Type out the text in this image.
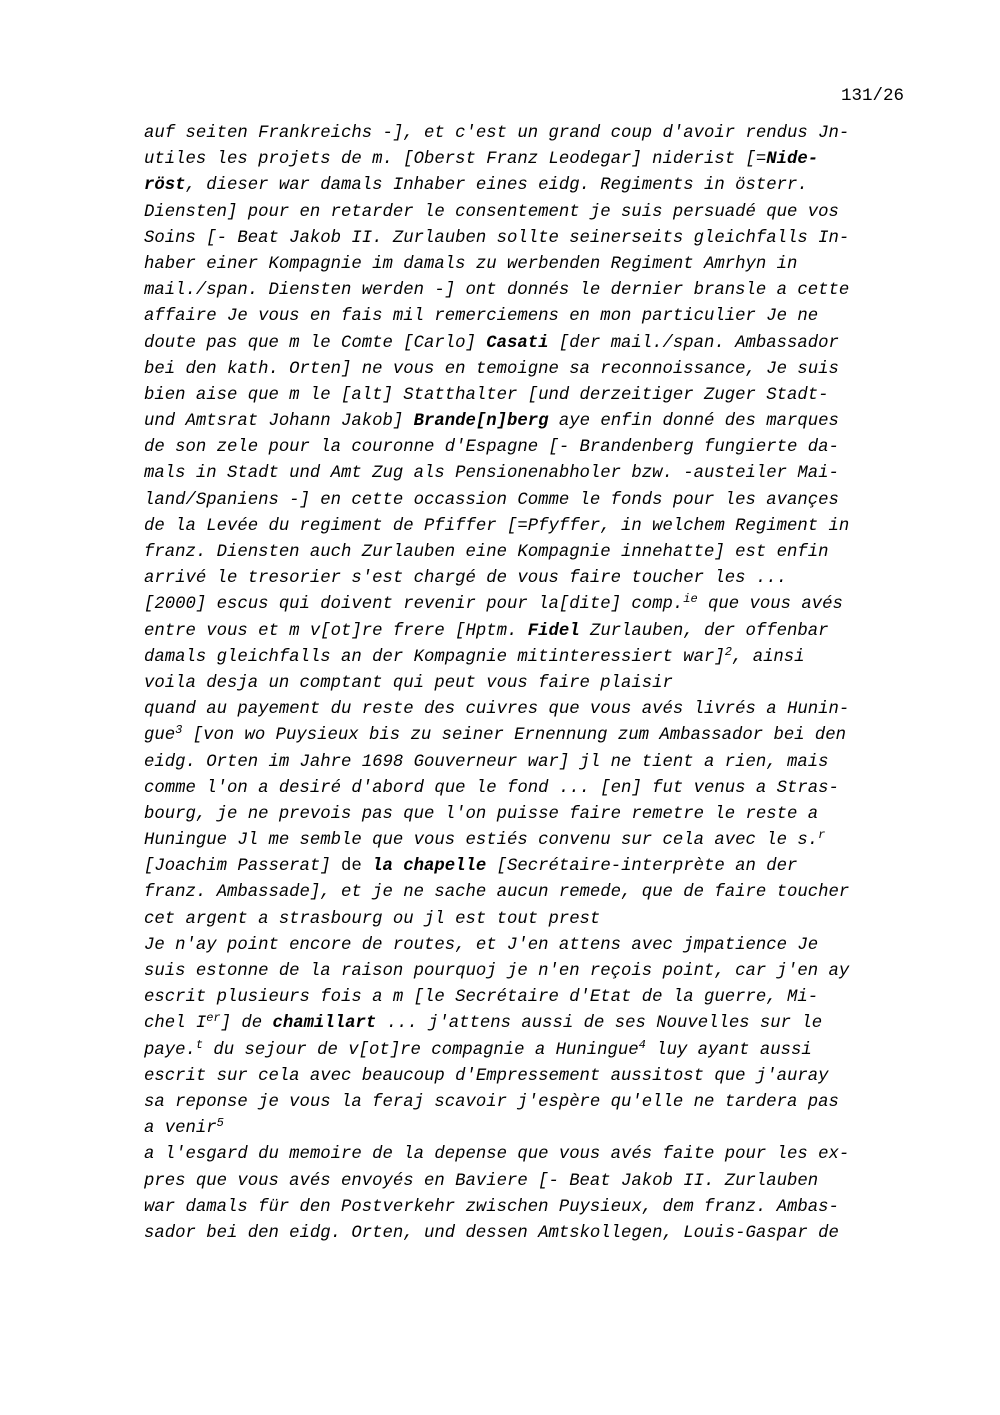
131/26
auf seiten Frankreichs -], et c'est un grand coup d'avoir rendus Jn-
utiles les projets de m. [Oberst Franz Leodegar] niderist [=Nide-
röst, dieser war damals Inhaber eines eidg. Regiments in österr.
Diensten] pour en retarder le consentement je suis persuadé que vos
Soins [- Beat Jakob II. Zurlauben sollte seinerseits gleichfalls In-
haber einer Kompagnie im damals zu werbenden Regiment Amrhyn in
mail./span. Diensten werden -] ont donnés le dernier bransle a cette
affaire Je vous en fais mil remerciemens en mon particulier Je ne
doute pas que m le Comte [Carlo] Casati [der mail./span. Ambassador
bei den kath. Orten] ne vous en temoigne sa reconnoissance, Je suis
bien aise que m le [alt] Statthalter [und derzeitiger Zuger Stadt-
und Amtsrat Johann Jakob] Brande[n]berg aye enfin donné des marques
de son zele pour la couronne d'Espagne [- Brandenberg fungierte da-
mals in Stadt und Amt Zug als Pensionenabholer bzw. -austeiler Mai-
land/Spaniens -] en cette occassion Comme le fonds pour les avançes
de la Levée du regiment de Pfiffer [=Pfyffer, in welchem Regiment in
franz. Diensten auch Zurlauben eine Kompagnie innehatte] est enfin
arrivé le tresorier s'est chargé de vous faire toucher les ...
[2000] escus qui doivent revenir pour la[dite] comp.$^{ie}$ que vous avés
entre vous et m v[ot]re frere [Hptm. Fidel Zurlauben, der offenbar
damals gleichfalls an der Kompagnie mitinteressiert war]$^2$, ainsi
voila desja un comptant qui peut vous faire plaisir
quand au payement du reste des cuivres que vous avés livrés a Hunin-
gue$^3$ [von wo Puysieux bis zu seiner Ernennung zum Ambassador bei den
eidg. Orten im Jahre 1698 Gouverneur war] jl ne tient a rien, mais
comme l'on a desiré d'abord que le fond ... [en] fut venus a Stras-
bourg, je ne prevois pas que l'on puisse faire remetre le reste a
Huningue Jl me semble que vous estiés convenu sur cela avec le s.$^r$
[Joachim Passerat] de la chapelle [Secrétaire-interprète an der
franz. Ambassade], et je ne sache aucun remede, que de faire toucher
cet argent a strasbourg ou jl est tout prest
Je n'ay point encore de routes, et J'en attens avec jmpatience Je
suis estonne de la raison pourquoj je n'en reçois point, car j'en ay
escrit plusieurs fois a m [le Secrétaire d'Etat de la guerre, Mi-
chel Ier] de chamillart ... j'attens aussi de ses Nouvelles sur le
paye.$^t$ du sejour de v[ot]re compagnie a Huningue$^4$ luy ayant aussi
escrit sur cela avec beaucoup d'Empressement aussitost que j'auray
sa reponse je vous la feraj scavoir j'espère qu'elle ne tardera pas
a venir$^5$
a l'esgard du memoire de la depense que vous avés faite pour les ex-
pres que vous avés envoyés en Baviere [- Beat Jakob II. Zurlauben
war damals für den Postverkehr zwischen Puysieux, dem franz. Ambas-
sador bei den eidg. Orten, und dessen Amtskollegen, Louis-Gaspar de
